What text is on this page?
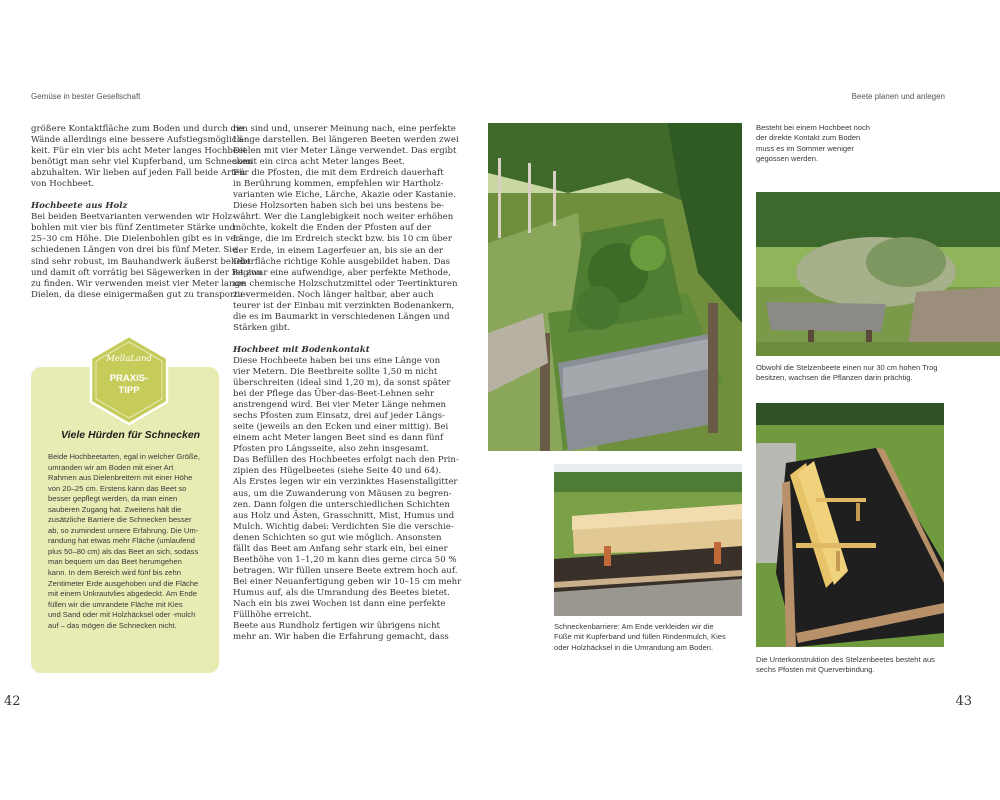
Gemüse in bester Gesellschaft	Beete planen und anlegen
größere Kontaktfläche zum Boden und durch die
Wände allerdings eine bessere Aufstiegsmöglich-
keit. Für ein vier bis acht Meter langes Hochbeet
benötigt man sehr viel Kupferband, um Schnecken
abzuhalten. Wir lieben auf jeden Fall beide Arten
von Hochbeet.
Hochbeete aus Holz
Bei beiden Beetvarianten verwenden wir Holz-
bohlen mit vier bis fünf Zentimeter Stärke und
25–30 cm Höhe. Die Dielenbohlen gibt es in ver-
schiedenen Längen von drei bis fünf Meter. Sie
sind sehr robust, im Bauhandwerk äußerst beliebt
und damit oft vorrätig bei Sägewerken in der Region
zu finden. Wir verwenden meist vier Meter lange
Dielen, da diese einigermaßen gut zu transportie-
ren sind und, unserer Meinung nach, eine perfekte
Länge darstellen. Bei längeren Beeten werden zwei
Dielen mit vier Meter Länge verwendet. Das ergibt
somit ein circa acht Meter langes Beet.
Für die Pfosten, die mit dem Erdreich dauerhaft
in Berührung kommen, empfehlen wir Hartholz-
varianten wie Eiche, Lärche, Akazie oder Kastanie.
Diese Holzsorten haben sich bei uns bestens be-
währt. Wer die Langlebigkeit noch weiter erhöhen
möchte, kokelt die Enden der Pfosten auf der
Länge, die im Erdreich steckt bzw. bis 10 cm über
der Erde, in einem Lagerfeuer an, bis sie an der
Oberfläche richtige Kohle ausgebildet haben. Das
ist zwar eine aufwendige, aber perfekte Methode,
um chemische Holzschutzmittel oder Teertinkturen
zu vermeiden. Noch länger haltbar, aber auch
teurer ist der Einbau mit verzinkten Bodenankern,
die es im Baumarkt in verschiedenen Längen und
Stärken gibt.
Hochbeet mit Bodenkontakt
Diese Hochbeete haben bei uns eine Länge von
vier Metern. Die Beetbreite sollte 1,50 m nicht
überschreiten (ideal sind 1,20 m), da sonst später
bei der Pflege das Über-das-Beet-Lehnen sehr
anstrengend wird. Bei vier Meter Länge nehmen
sechs Pfosten zum Einsatz, drei auf jeder Längs-
seite (jeweils an den Ecken und einer mittig). Bei
einem acht Meter langen Beet sind es dann fünf
Pfosten pro Längsseite, also zehn insgesamt.
Das Befüllen des Hochbeetes erfolgt nach den Prin-
zipien des Hügelbeetes (siehe Seite 40 und 64).
Als Erstes legen wir ein verzinktes Hasenstallgitter
aus, um die Zuwanderung von Mäusen zu begren-
zen. Dann folgen die unterschiedlichen Schichten
aus Holz und Ästen, Grasschnitt, Mist, Humus und
Mulch. Wichtig dabei: Verdichten Sie die verschie-
denen Schichten so gut wie möglich. Ansonsten
fällt das Beet am Anfang sehr stark ein, bei einer
Beethöhe von 1–1,20 m kann dies gerne circa 50 %
betragen. Wir füllen unsere Beete extrem hoch auf.
Bei einer Neuanfertigung geben wir 10–15 cm mehr
Humus auf, als die Umrandung des Beetes bietet.
Nach ein bis zwei Wochen ist dann eine perfekte
Füllhöhe erreicht.
Beete aus Rundholz fertigen wir übrigens nicht
mehr an. Wir haben die Erfahrung gemacht, dass
MellaLand
PRAXIS-
TIPP
Viele Hürden für Schnecken
Beide Hochbeetarten, egal in welcher Größe,
umranden wir am Boden mit einer Art
Rahmen aus Dielenbrettern mit einer Höhe
von 20–25 cm. Erstens kann das Beet so
besser gepflegt werden, da man einen
sauberen Zugang hat. Zweitens hält die
zusätzliche Barriere die Schnecken besser
ab, so zumindest unsere Erfahrung. Die Um-
randung hat etwas mehr Fläche (umlaufend
plus 50–80 cm) als das Beet an sich, sodass
man bequem um das Beet herumgehen
kann. In dem Bereich wird fünf bis zehn
Zentimeter Erde ausgehoben und die Fläche
mit einem Unkrautvlies abgedeckt. Am Ende
füllen wir die umrandete Fläche mit Kies
und Sand oder mit Holzhäcksel oder -mulch
auf – das mögen die Schnecken nicht.
42	43
Besteht bei einem Hochbeet noch
der direkte Kontakt zum Boden
muss es im Sommer weniger
gegossen werden.
Obwohl die Stelzenbeete einen nur 30 cm hohen Trog
besitzen, wachsen die Pflanzen darin prächtig.
Schneckenbarriere: Am Ende verkleiden wir die
Füße mit Kupferband und füllen Rindenmulch, Kies
oder Holzhäcksel in die Umrandung am Boden.
Die Unterkonstruktion des Stelzenbeetes besteht aus
sechs Pfosten mit Querverbindung.
